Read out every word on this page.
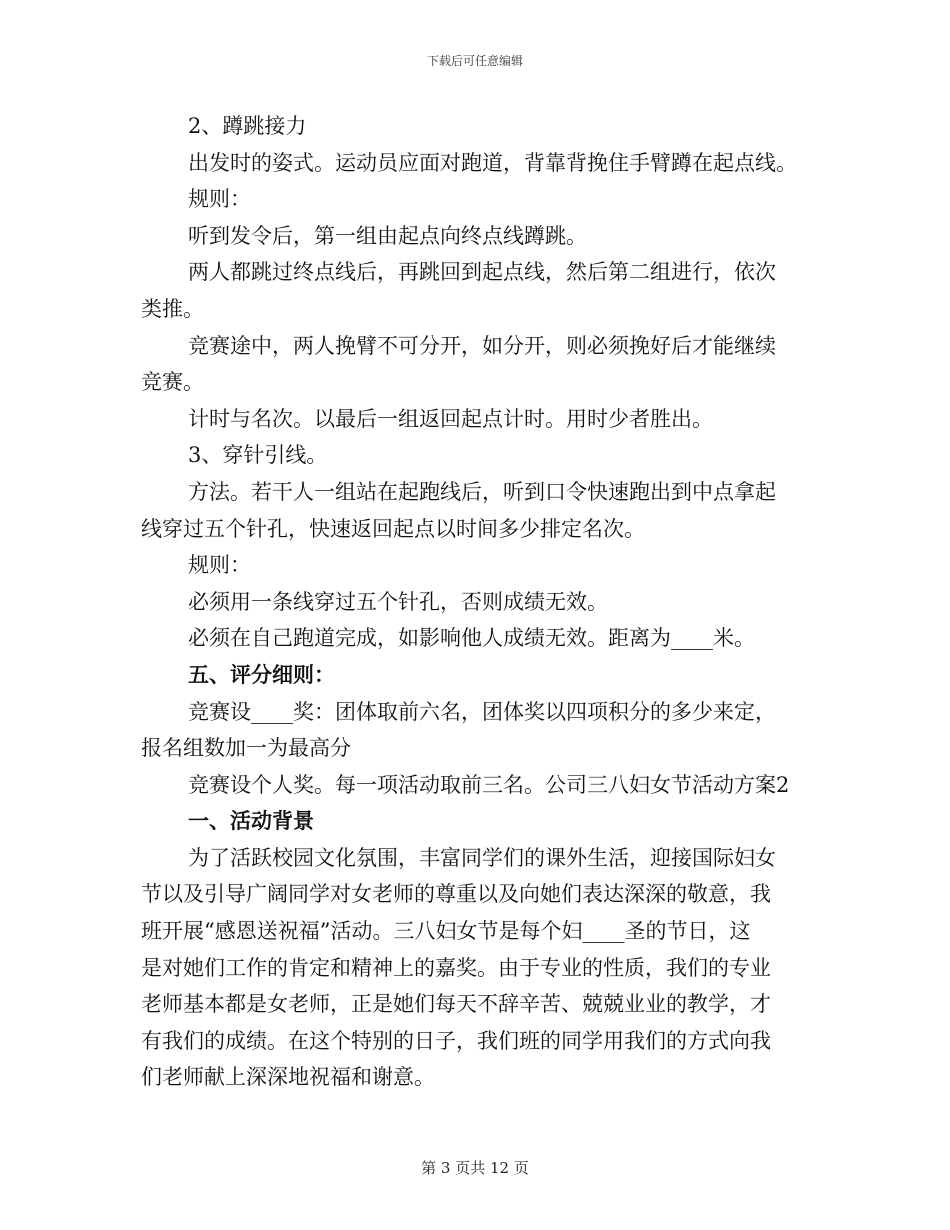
下载后可任意编辑
2、蹲跳接力
出发时的姿式。运动员应面对跑道，背靠背挽住手臂蹲在起点线。
规则：
听到发令后，第一组由起点向终点线蹲跳。
两人都跳过终点线后，再跳回到起点线，然后第二组进行，依次
类推。
竞赛途中，两人挽臂不可分开，如分开，则必须挽好后才能继续
竞赛。
计时与名次。以最后一组返回起点计时。用时少者胜出。
3、穿针引线。
方法。若干人一组站在起跑线后，听到口令快速跑出到中点拿起
线穿过五个针孔，快速返回起点以时间多少排定名次。
规则：
必须用一条线穿过五个针孔，否则成绩无效。
必须在自己跑道完成，如影响他人成绩无效。距离为____米。
五、评分细则：
竞赛设____奖：团体取前六名，团体奖以四项积分的多少来定，
报名组数加一为最高分
竞赛设个人奖。每一项活动取前三名。公司三八妇女节活动方案2
一、活动背景
为了活跃校园文化氛围，丰富同学们的课外生活，迎接国际妇女
节以及引导广阔同学对女老师的尊重以及向她们表达深深的敬意，我
班开展“感恩送祝福”活动。三八妇女节是每个妇____圣的节日，这
是对她们工作的肯定和精神上的嘉奖。由于专业的性质，我们的专业
老师基本都是女老师，正是她们每天不辞辛苦、兢兢业业的教学，才
有我们的成绩。在这个特别的日子，我们班的同学用我们的方式向我
们老师献上深深地祝福和谢意。
第 3 页共 12 页
